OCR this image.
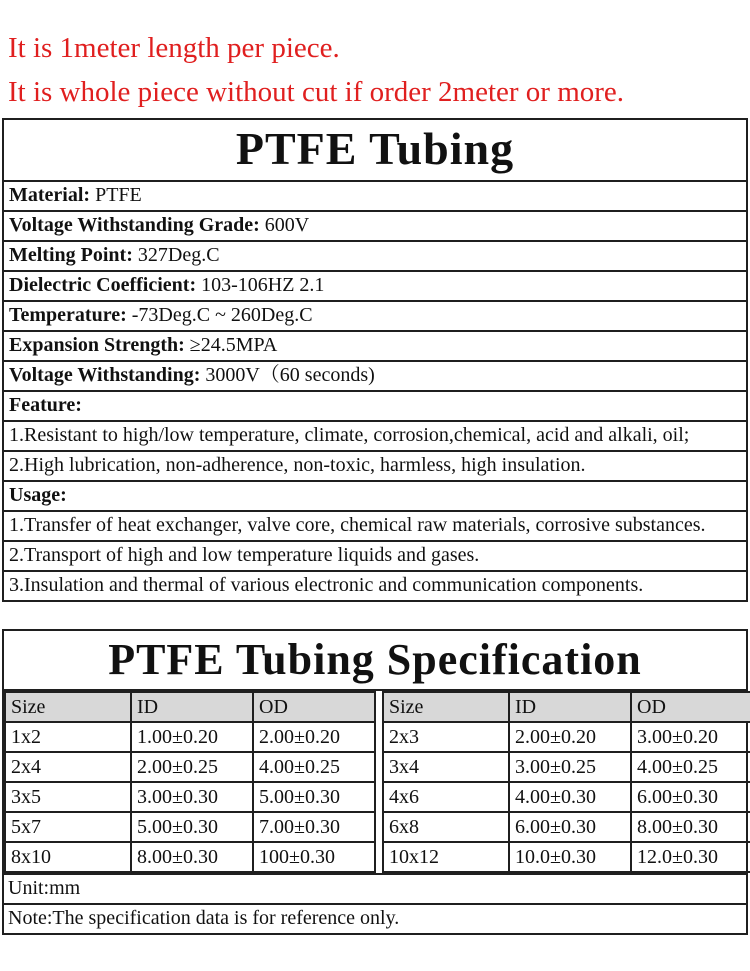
It is 1meter length per piece.
It is whole piece without cut if order 2meter or more.
PTFE Tubing
Material: PTFE
Voltage Withstanding Grade: 600V
Melting Point: 327Deg.C
Dielectric Coefficient: 103-106HZ 2.1
Temperature: -73Deg.C ~ 260Deg.C
Expansion Strength: ≥24.5MPA
Voltage Withstanding: 3000V（60 seconds)
Feature:
1.Resistant to high/low temperature, climate, corrosion,chemical, acid and alkali, oil;
2.High lubrication, non-adherence, non-toxic, harmless, high insulation.
Usage:
1.Transfer of heat exchanger, valve core, chemical raw materials, corrosive substances.
2.Transport of high and low temperature liquids and gases.
3.Insulation and thermal of various electronic and communication components.
PTFE Tubing Specification
Size	ID	OD
1x2	1.00±0.20	2.00±0.20
2x4	2.00±0.25	4.00±0.25
3x5	3.00±0.30	5.00±0.30
5x7	5.00±0.30	7.00±0.30
8x10	8.00±0.30	100±0.30
Size	ID	OD
2x3	2.00±0.20	3.00±0.20
3x4	3.00±0.25	4.00±0.25
4x6	4.00±0.30	6.00±0.30
6x8	6.00±0.30	8.00±0.30
10x12	10.0±0.30	12.0±0.30
Unit:mm
Note:The specification data is for reference only.
